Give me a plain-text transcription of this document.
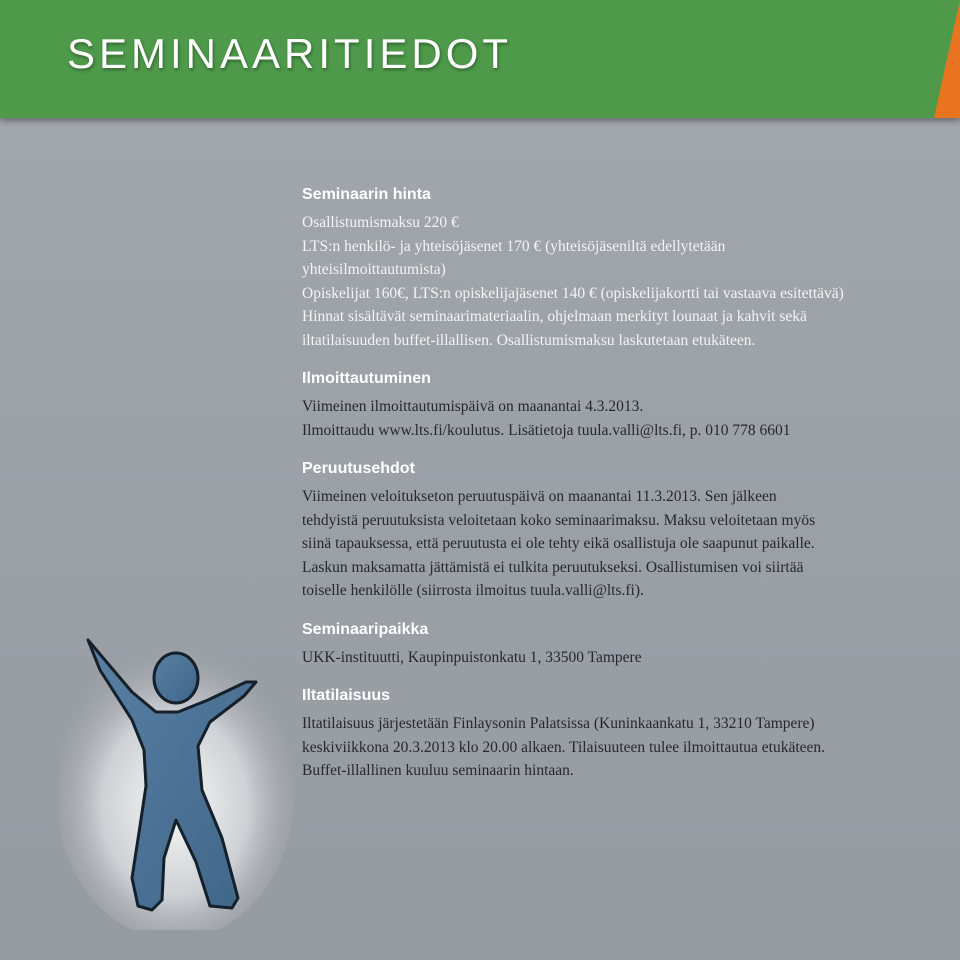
SEMINAARITIEDOT
Seminaarin hinta

Osallistumismaksu 220 €

LTS:n henkilö- ja yhteisöjäsenet 170 € (yhteisöjäseniltä edellytetään

yhteisilmoittautumista)

Opiskelijat 160€, LTS:n opiskelijajäsenet 140 € (opiskelijakortti tai vastaava esitettävä)

Hinnat sisältävät seminaarimateriaalin, ohjelmaan merkityt lounaat ja kahvit sekä

iltatilaisuuden buffet-illallisen. Osallistumismaksu laskutetaan etukäteen.

Ilmoittautuminen

Viimeinen ilmoittautumispäivä on maanantai 4.3.2013.

Ilmoittaudu www.lts.fi/koulutus. Lisätietoja tuula.valli@lts.fi, p. 010 778 6601

Peruutusehdot

Viimeinen veloitukseton peruutuspäivä on maanantai 11.3.2013. Sen jälkeen

tehdyistä peruutuksista veloitetaan koko seminaarimaksu. Maksu veloitetaan myös

siinä tapauksessa, että peruutusta ei ole tehty eikä osallistuja ole saapunut paikalle.

Laskun maksamatta jättämistä ei tulkita peruutukseksi. Osallistumisen voi siirtää

toiselle henkilölle (siirrosta ilmoitus tuula.valli@lts.fi).

Seminaaripaikka

UKK-instituutti, Kaupinpuistonkatu 1, 33500 Tampere

Iltatilaisuus

Iltatilaisuus järjestetään Finlaysonin Palatsissa (Kuninkaankatu 1, 33210 Tampere)

keskiviikkona 20.3.2013 klo 20.00 alkaen. Tilaisuuteen tulee ilmoittautua etukäteen.

Buffet-illallinen kuuluu seminaarin hintaan.
